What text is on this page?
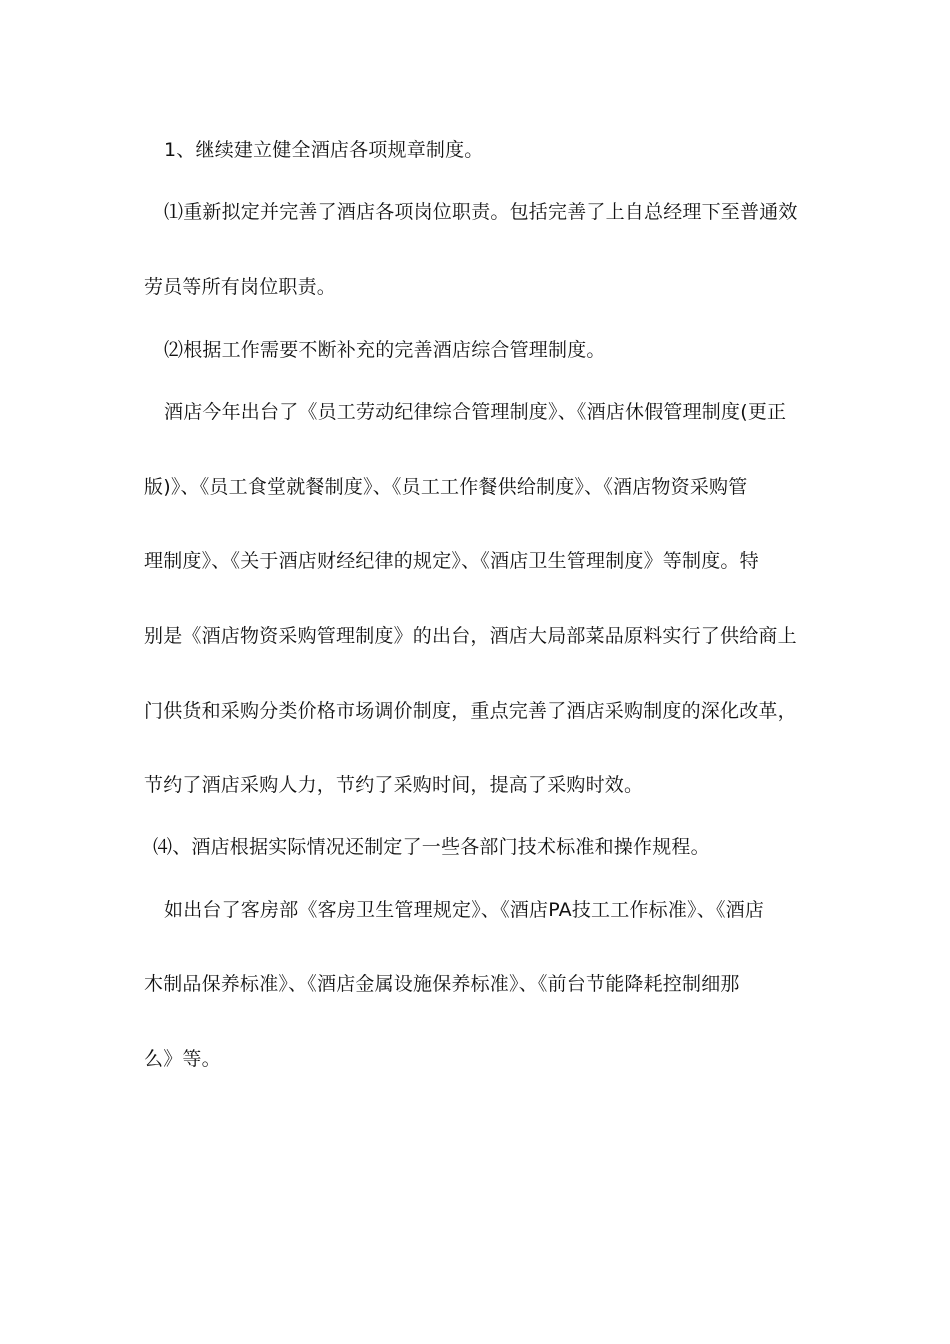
1、继续建立健全酒店各项规章制度。
⑴重新拟定并完善了酒店各项岗位职责。包括完善了上自总经理下至普通效
劳员等所有岗位职责。
⑵根据工作需要不断补充的完善酒店综合管理制度。
酒店今年出台了《员工劳动纪律综合管理制度》、《酒店休假管理制度(更正
版)》、《员工食堂就餐制度》、《员工工作餐供给制度》、《酒店物资采购管
理制度》、《关于酒店财经纪律的规定》、《酒店卫生管理制度》等制度。特
别是《酒店物资采购管理制度》的出台，酒店大局部菜品原料实行了供给商上
门供货和采购分类价格市场调价制度，重点完善了酒店采购制度的深化改革，
节约了酒店采购人力，节约了采购时间，提高了采购时效。
⑷、酒店根据实际情况还制定了一些各部门技术标准和操作规程。
如出台了客房部《客房卫生管理规定》、《酒店PA技工工作标准》、《酒店
木制品保养标准》、《酒店金属设施保养标准》、《前台节能降耗控制细那
么》等。
